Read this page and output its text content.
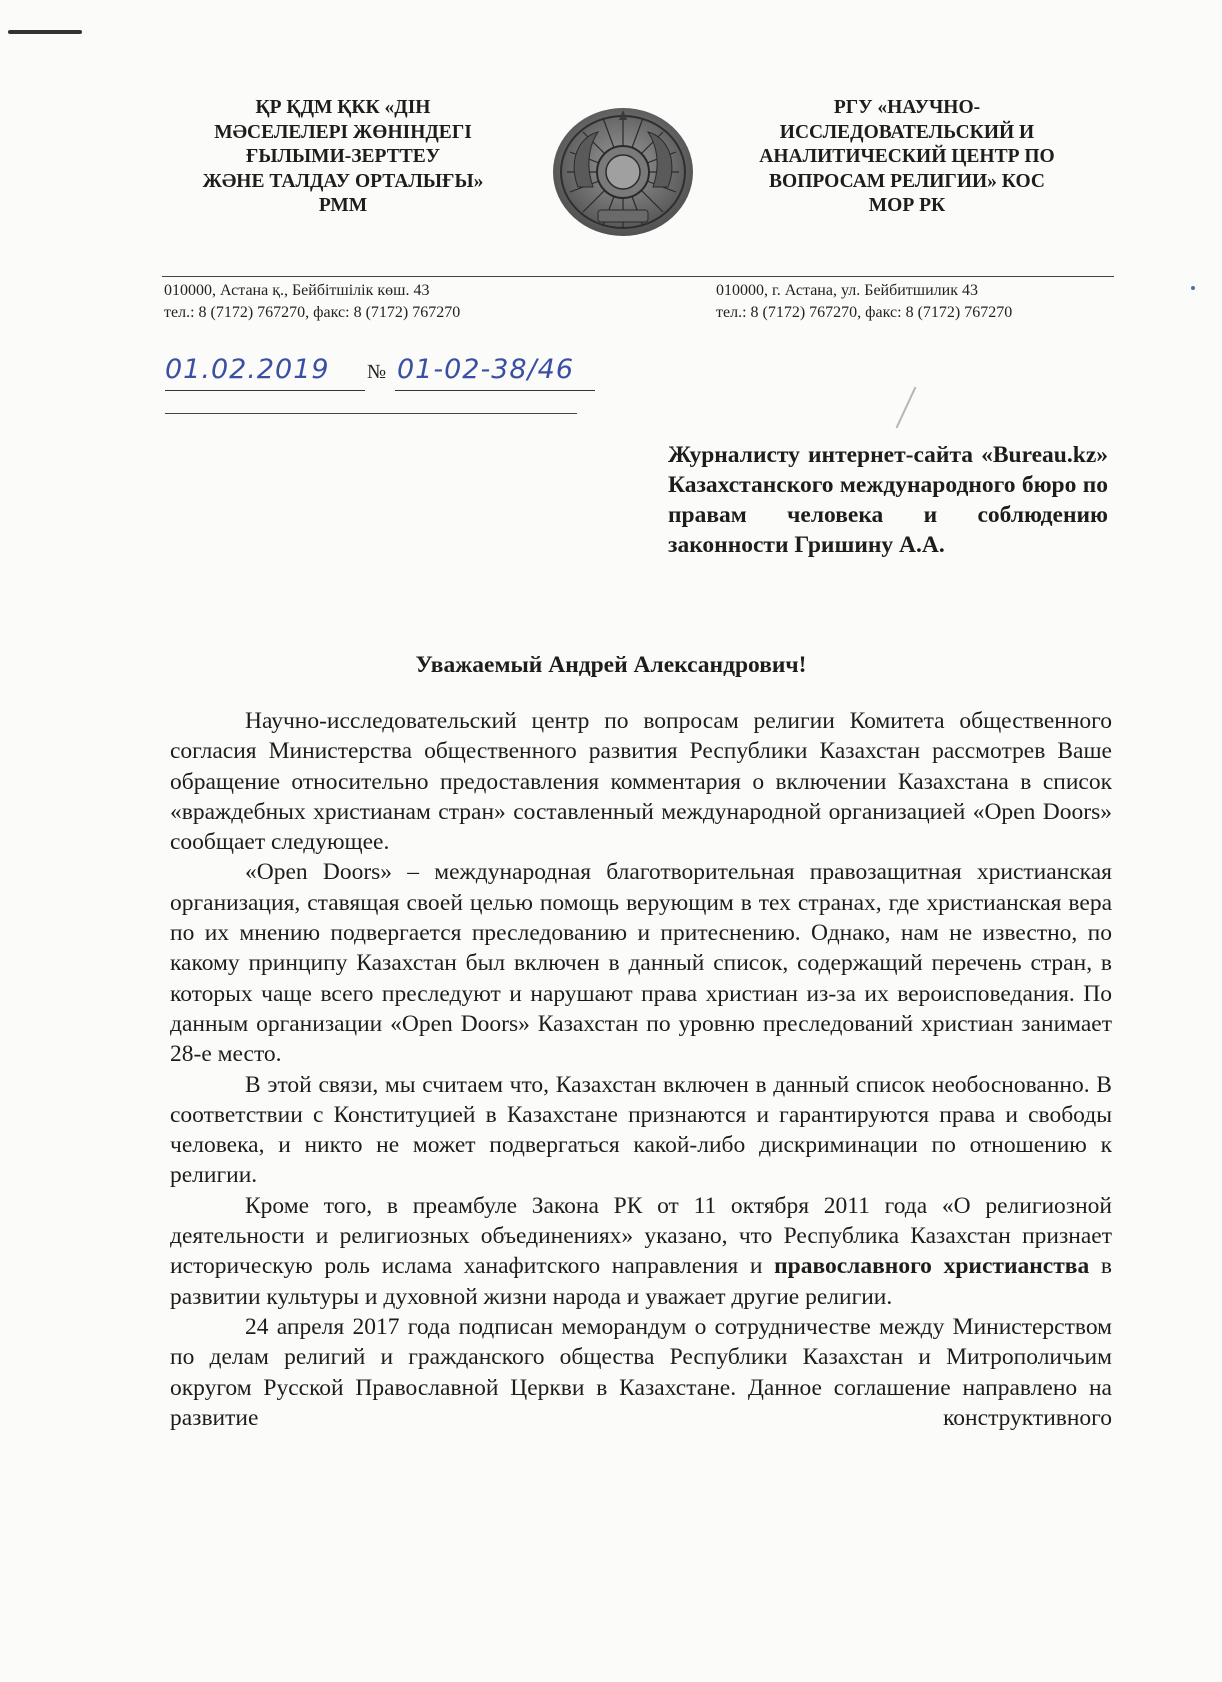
ҚР ҚДМ ҚКК «ДІН
МӘСЕЛЕЛЕРІ ЖӨНІНДЕГІ
ҒЫЛЫМИ-ЗЕРТТЕУ
ЖӘНЕ ТАЛДАУ ОРТАЛЫҒЫ»
РММ
РГУ «НАУЧНО-
ИССЛЕДОВАТЕЛЬСКИЙ И
АНАЛИТИЧЕСКИЙ ЦЕНТР ПО
ВОПРОСАМ РЕЛИГИИ» КОС
МОР РК
010000, Астана қ., Бейбітшілік көш. 43
тел.: 8 (7172) 767270, факс: 8 (7172) 767270
010000, г. Астана, ул. Бейбитшилик 43
тел.: 8 (7172) 767270, факс: 8 (7172) 767270
01.02.2019 № 01-02-38/46
Журналисту интернет-сайта «Bureau.kz» Казахстанского международного бюро по правам человека и соблюдению законности Гришину А.А.
Уважаемый Андрей Александрович!

Научно-исследовательский центр по вопросам религии Комитета общественного согласия Министерства общественного развития Республики Казахстан рассмотрев Ваше обращение относительно предоставления комментария о включении Казахстана в список «враждебных христианам стран» составленный международной организацией «Open Doors» сообщает следующее.

«Open Doors» – международная благотворительная правозащитная христианская организация, ставящая своей целью помощь верующим в тех странах, где христианская вера по их мнению подвергается преследованию и притеснению. Однако, нам не известно, по какому принципу Казахстан был включен в данный список, содержащий перечень стран, в которых чаще всего преследуют и нарушают права христиан из-за их вероисповедания. По данным организации «Open Doors» Казахстан по уровню преследований христиан занимает 28-е место.

В этой связи, мы считаем что, Казахстан включен в данный список необоснованно. В соответствии с Конституцией в Казахстане признаются и гарантируются права и свободы человека, и никто не может подвергаться какой-либо дискриминации по отношению к религии.

Кроме того, в преамбуле Закона РК от 11 октября 2011 года «О религиозной деятельности и религиозных объединениях» указано, что Республика Казахстан признает историческую роль ислама ханафитского направления и православного христианства в развитии культуры и духовной жизни народа и уважает другие религии.

24 апреля 2017 года подписан меморандум о сотрудничестве между Министерством по делам религий и гражданского общества Республики Казахстан и Митрополичьим округом Русской Православной Церкви в Казахстане. Данное соглашение направлено на развитие конструктивного
